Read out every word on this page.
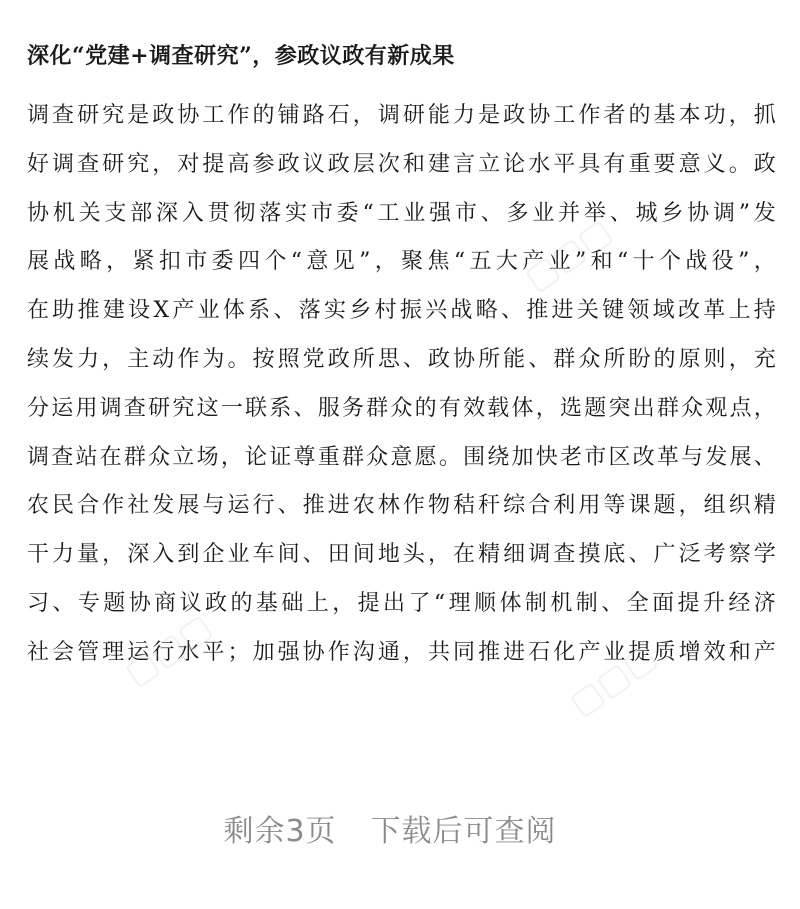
深化“党建+调查研究”，参政议政有新成果
调查研究是政协工作的铺路石，调研能力是政协工作者的基本功，抓
好调查研究，对提高参政议政层次和建言立论水平具有重要意义。政
协机关支部深入贯彻落实市委“工业强市、多业并举、城乡协调”发
展战略，紧扣市委四个“意见”，聚焦“五大产业”和“十个战役”，
在助推建设X产业体系、落实乡村振兴战略、推进关键领域改革上持
续发力，主动作为。按照党政所思、政协所能、群众所盼的原则，充
分运用调查研究这一联系、服务群众的有效载体，选题突出群众观点，
调查站在群众立场，论证尊重群众意愿。围绕加快老市区改革与发展、
农民合作社发展与运行、推进农林作物秸秆综合利用等课题，组织精
干力量，深入到企业车间、田间地头，在精细调查摸底、广泛考察学
习、专题协商议政的基础上，提出了“理顺体制机制、全面提升经济
社会管理运行水平；加强协作沟通，共同推进石化产业提质增效和产
▢▢▢
▢▢▢	▢▢▢
剩余3页 下载后可查阅
